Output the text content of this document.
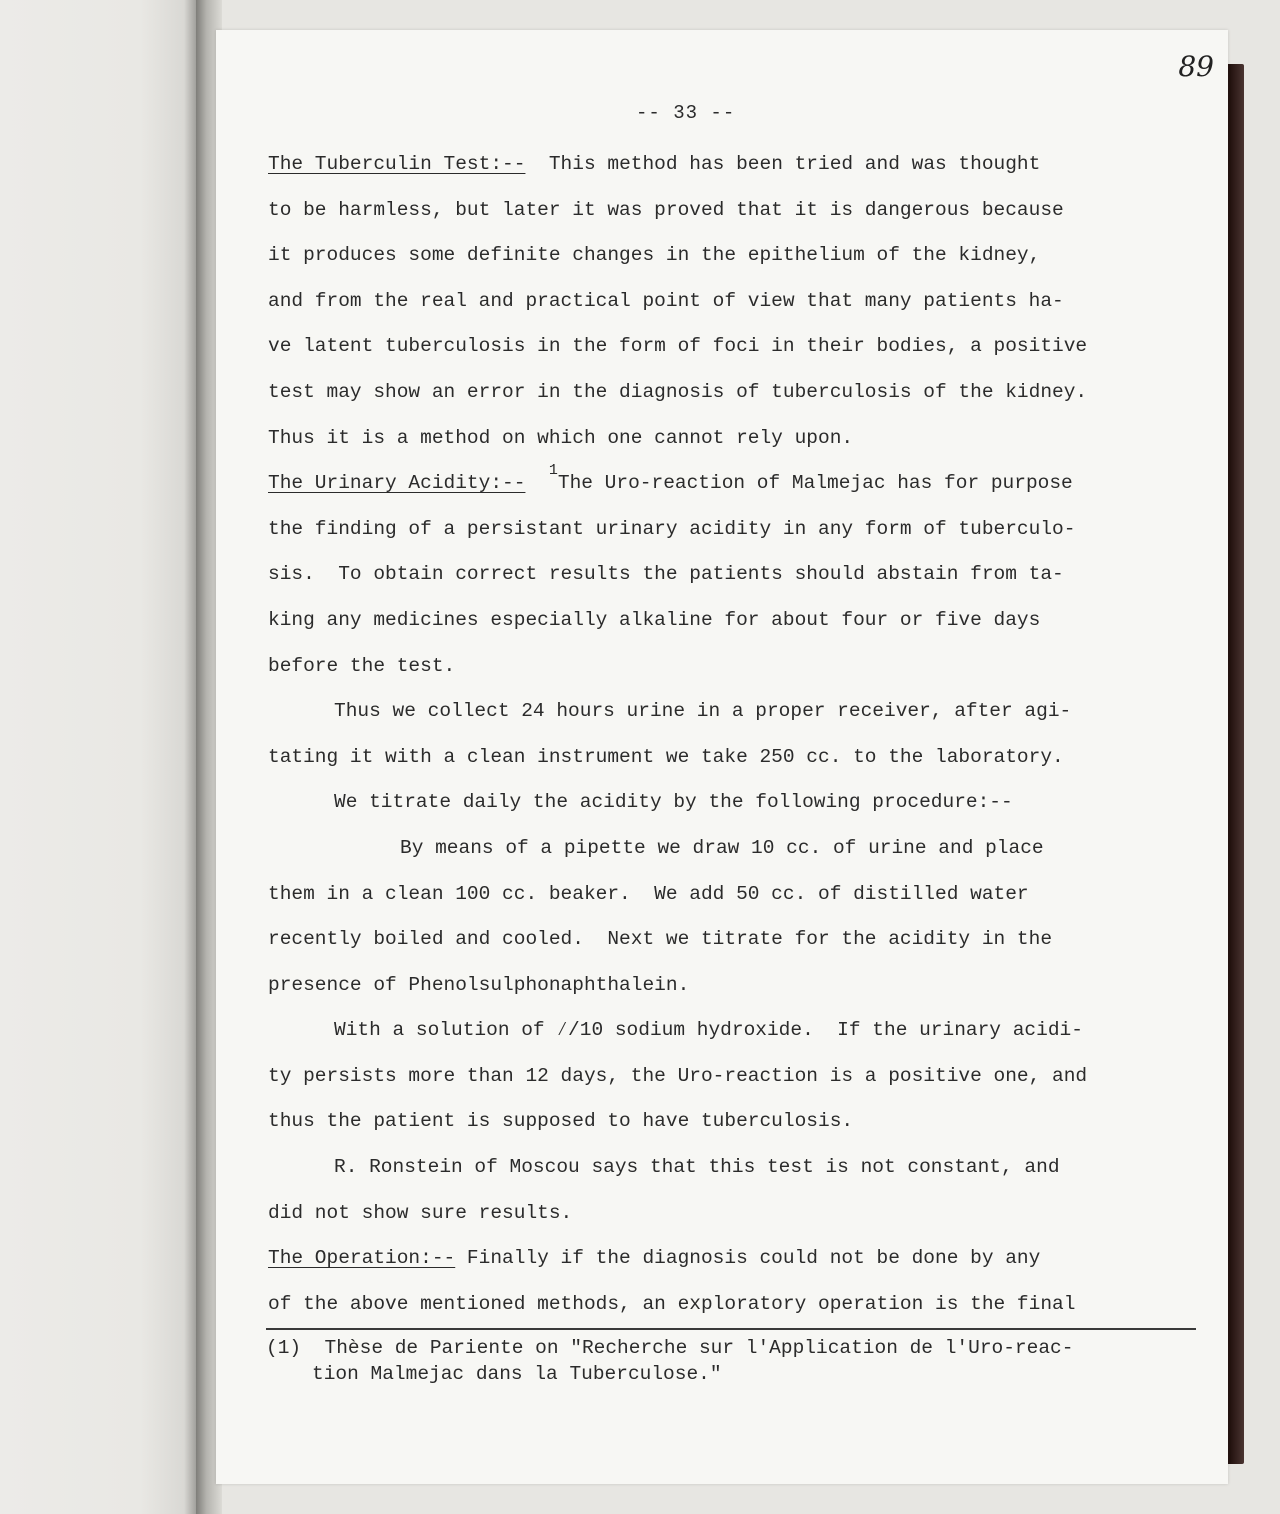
89
-- 33 --
The Tuberculin Test:--  This method has been tried and was thought
to be harmless, but later it was proved that it is dangerous because
it produces some definite changes in the epithelium of the kidney,
and from the real and practical point of view that many patients ha-
ve latent tuberculosis in the form of foci in their bodies, a positive
test may show an error in the diagnosis of tuberculosis of the kidney.
Thus it is a method on which one cannot rely upon.
The Urinary Acidity:--  $^1$The Uro-reaction of Malmejac has for purpose
the finding of a persistant urinary acidity in any form of tuberculo-
sis.  To obtain correct results the patients should abstain from ta-
king any medicines especially alkaline for about four or five days
before the test.
Thus we collect 24 hours urine in a proper receiver, after agi-
tating it with a clean instrument we take 250 cc. to the laboratory.
We titrate daily the acidity by the following procedure:--
By means of a pipette we draw 10 cc. of urine and place
them in a clean 100 cc. beaker.  We add 50 cc. of distilled water
recently boiled and cooled.  Next we titrate for the acidity in the
presence of Phenolsulphonaphthalein.
With a solution of ⁄/10 sodium hydroxide.  If the urinary acidi-
ty persists more than 12 days, the Uro-reaction is a positive one, and
thus the patient is supposed to have tuberculosis.
R. Ronstein of Moscou says that this test is not constant, and
did not show sure results.
The Operation:-- Finally if the diagnosis could not be done by any
of the above mentioned methods, an exploratory operation is the final
(1)  Thèse de Pariente on "Recherche sur l'Application de l'Uro-reac-
tion Malmejac dans la Tuberculose."
